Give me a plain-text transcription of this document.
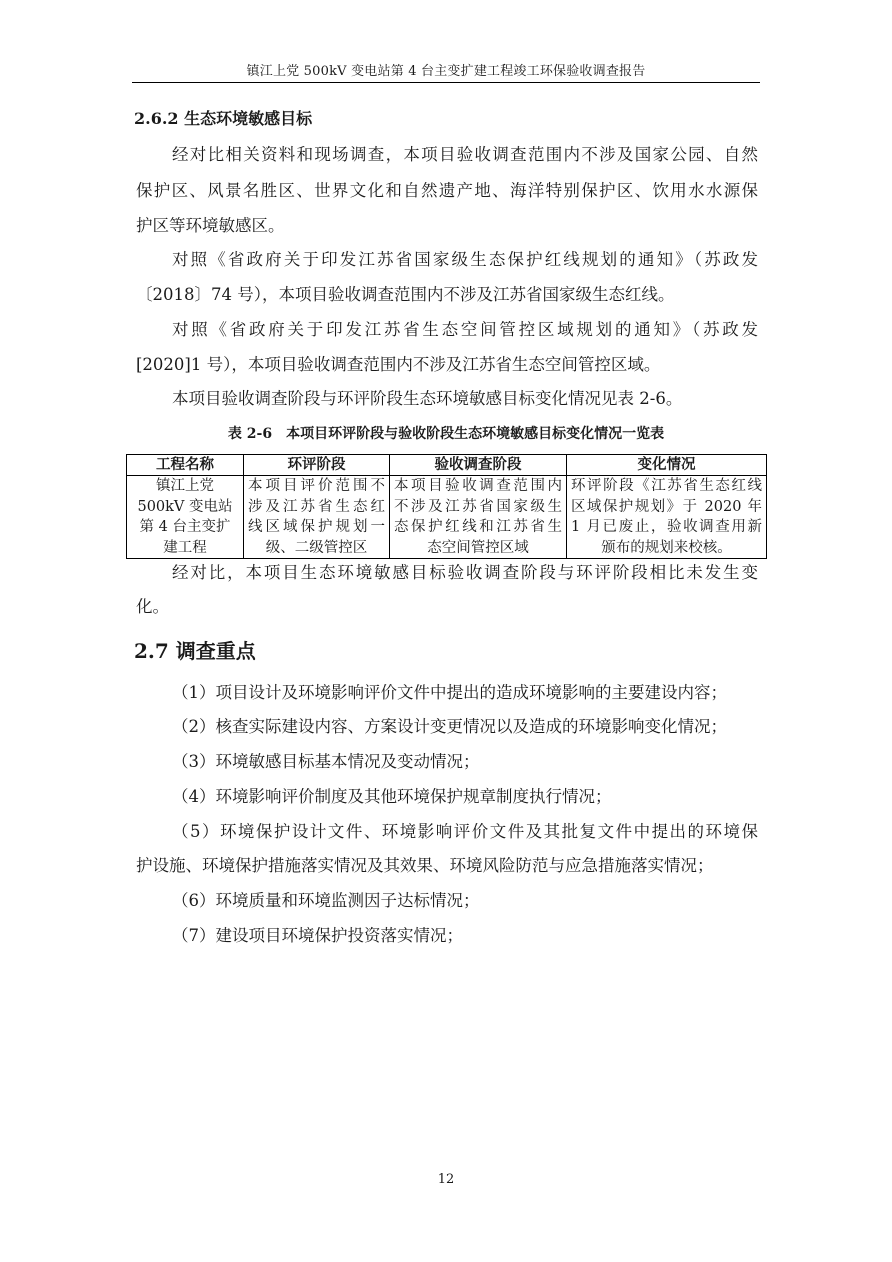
镇江上党 500kV 变电站第 4 台主变扩建工程竣工环保验收调查报告
2.6.2 生态环境敏感目标
经对比相关资料和现场调查，本项目验收调查范围内不涉及国家公园、自然
保护区、风景名胜区、世界文化和自然遗产地、海洋特别保护区、饮用水水源保
护区等环境敏感区。
对照《省政府关于印发江苏省国家级生态保护红线规划的通知》（苏政发
〔2018〕74 号），本项目验收调查范围内不涉及江苏省国家级生态红线。
对照《省政府关于印发江苏省生态空间管控区域规划的通知》（苏政发
[2020]1 号），本项目验收调查范围内不涉及江苏省生态空间管控区域。
本项目验收调查阶段与环评阶段生态环境敏感目标变化情况见表 2-6。
表 2-6　本项目环评阶段与验收阶段生态环境敏感目标变化情况一览表
工程名称	环评阶段	验收调查阶段	变化情况

镇江上党
500kV 变电站
第 4 台主变扩
建工程	本项目评价范围不
涉及江苏省生态红
线区域保护规划一
级、二级管控区	本项目验收调查范围内
不涉及江苏省国家级生
态保护红线和江苏省生
态空间管控区域	环评阶段《江苏省生态红线
区域保护规划》于 2020 年
1 月已废止，验收调查用新
颁布的规划来校核。
经对比，本项目生态环境敏感目标验收调查阶段与环评阶段相比未发生变
化。
2.7 调查重点
（1）项目设计及环境影响评价文件中提出的造成环境影响的主要建设内容；
（2）核查实际建设内容、方案设计变更情况以及造成的环境影响变化情况；
（3）环境敏感目标基本情况及变动情况；
（4）环境影响评价制度及其他环境保护规章制度执行情况；
（5）环境保护设计文件、环境影响评价文件及其批复文件中提出的环境保
护设施、环境保护措施落实情况及其效果、环境风险防范与应急措施落实情况；
（6）环境质量和环境监测因子达标情况；
（7）建设项目环境保护投资落实情况；
12
